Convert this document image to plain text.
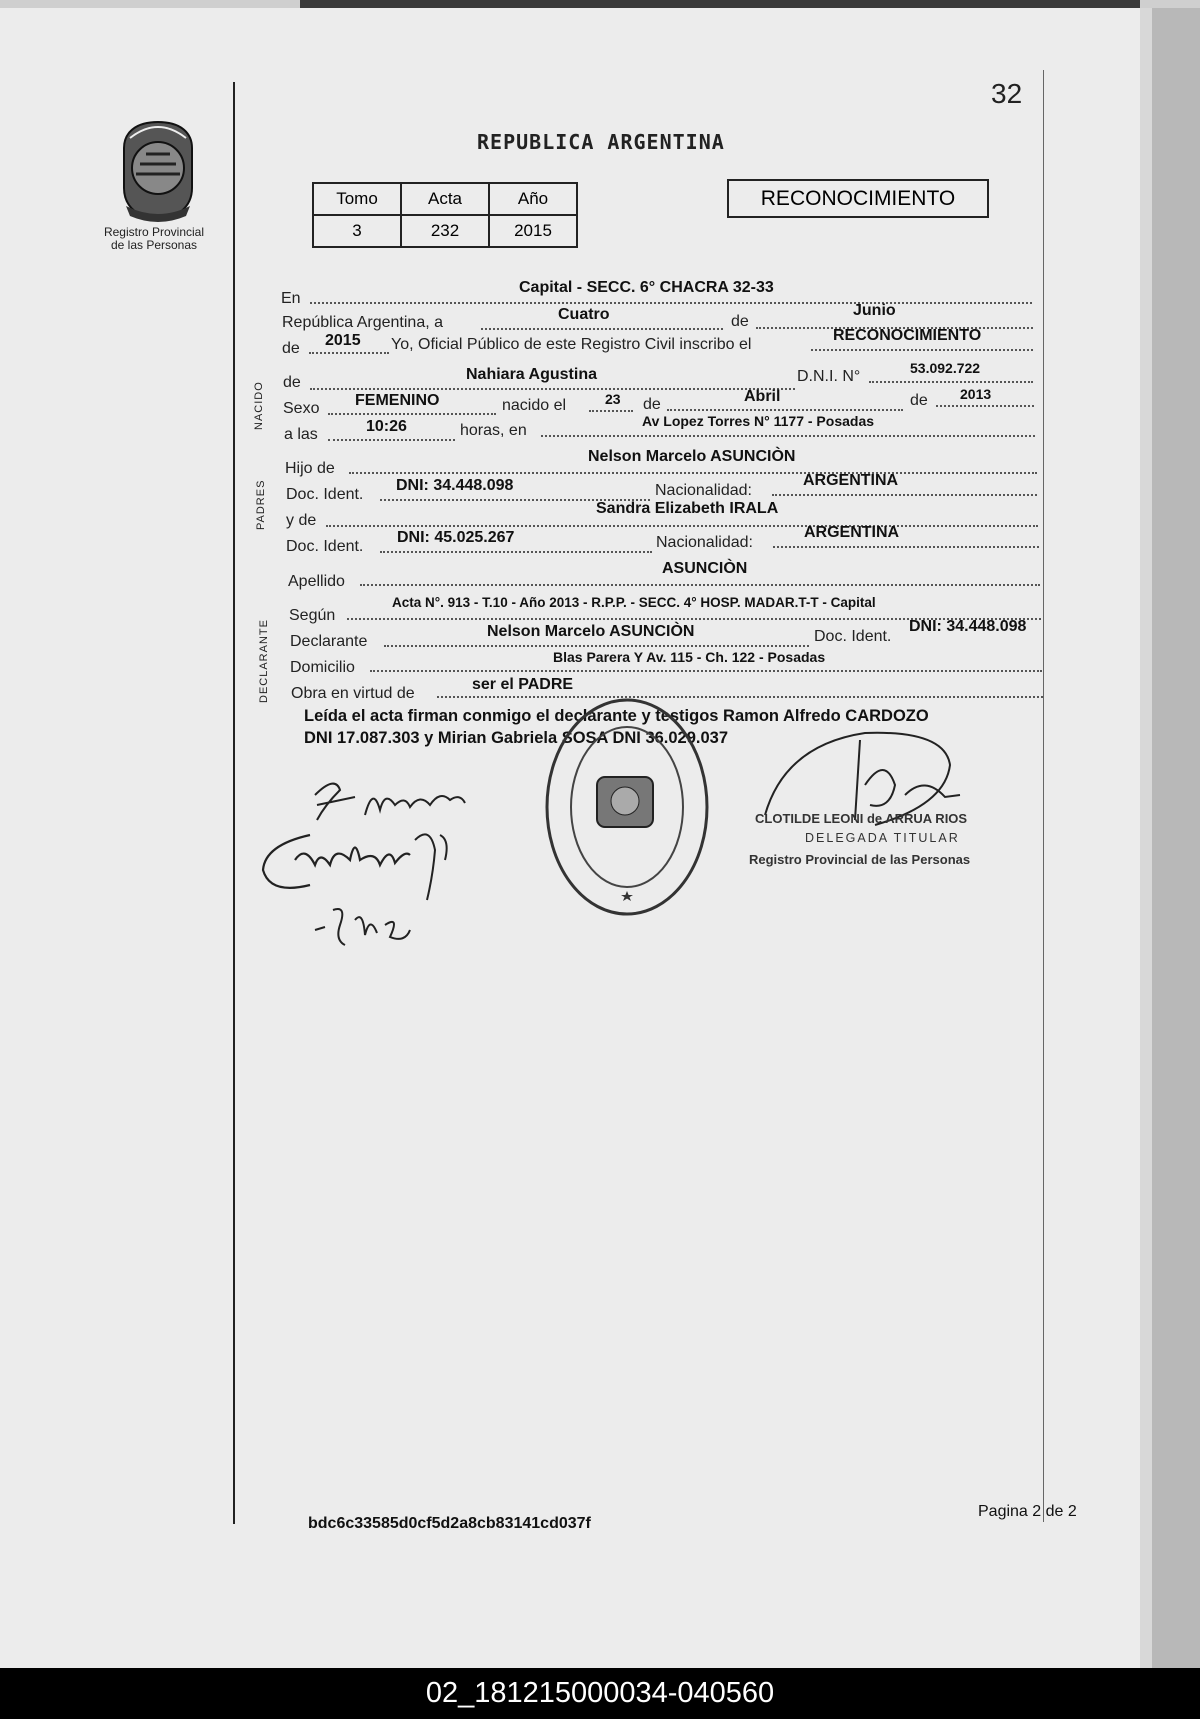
32
Registro Provincial
de las Personas
REPUBLICA ARGENTINA
Tomo	Acta	Año
3	232	2015
RECONOCIMIENTO
En
Capital - SECC. 6° CHACRA 32-33
República Argentina, a	Cuatro	de
Junio
de 2015 Yo, Oficial Público de este Registro Civil inscribo el
RECONOCIMIENTO
NACIDO de	Nahiara Agustina	D.N.I. N°	53.092.722
Sexo FEMENINO	nacido el	23 de	Abril	de 2013
a las	10:26	horas, en
Av Lopez Torres N° 1177 - Posadas
PADRES
Hijo de
Nelson Marcelo ASUNCIÒN
Doc. Ident.
DNI: 34.448.098	Nacionalidad:
ARGENTINA
y de
Sandra Elizabeth IRALA
Doc. Ident.
DNI: 45.025.267	Nacionalidad:
ARGENTINA
Apellido
ASUNCIÒN
DECLARANTE
Según
Acta N°. 913 - T.10 - Año 2013 - R.P.P. - SECC. 4° HOSP. MADAR.T-T - Capital
Declarante
Nelson Marcelo ASUNCIÒN	Doc. Ident.
DNI: 34.448.098
Domicilio
Blas Parera Y Av. 115 - Ch. 122 - Posadas
Obra en virtud de
ser el PADRE
Leída el acta firman conmigo el declarante y testigos Ramon Alfredo CARDOZO
DNI 17.087.303 y Mirian Gabriela SOSA DNI 36.029.037
CLOTILDE LEONI de ARRUA RIOS
DELEGADA TITULAR
Registro Provincial de las Personas
bdc6c33585d0cf5d2a8cb83141cd037f
Pagina 2 de 2
02_181215000034-040560
